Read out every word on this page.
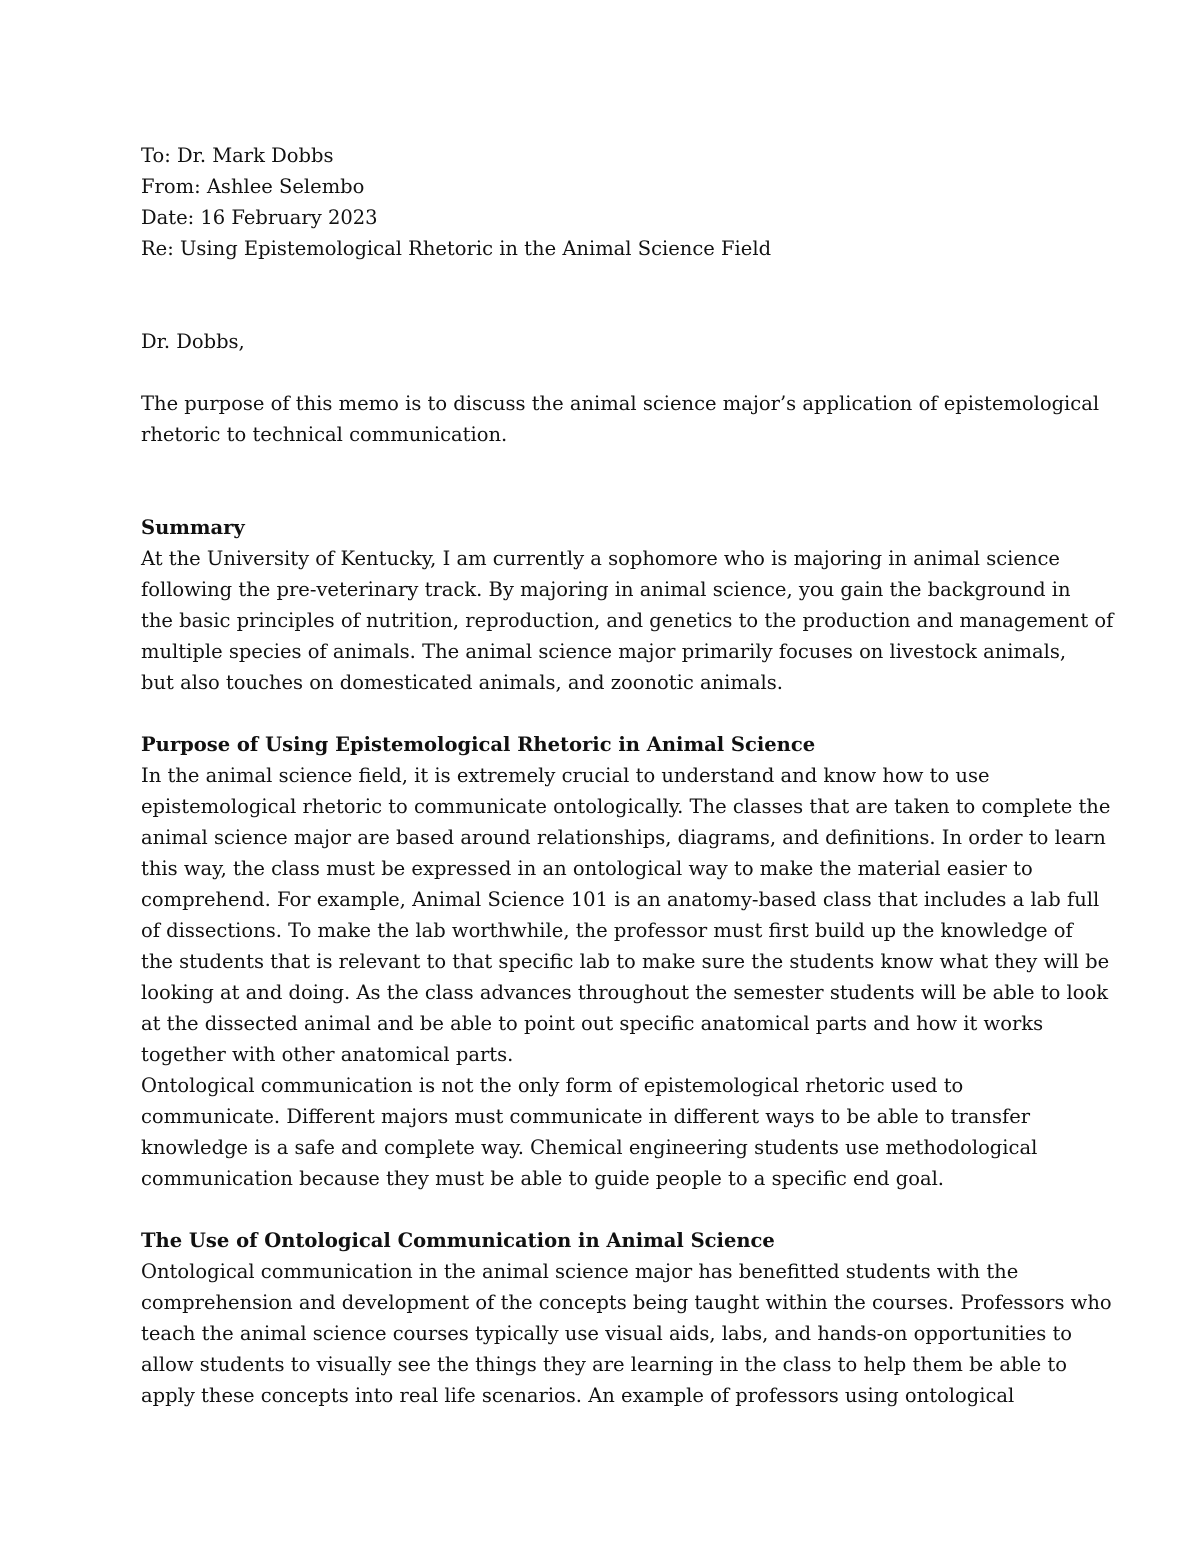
To: Dr. Mark Dobbs
From: Ashlee Selembo
Date: 16 February 2023
Re: Using Epistemological Rhetoric in the Animal Science Field

Dr. Dobbs,

The purpose of this memo is to discuss the animal science major’s application of epistemological
rhetoric to technical communication.

Summary

At the University of Kentucky, I am currently a sophomore who is majoring in animal science
following the pre-veterinary track. By majoring in animal science, you gain the background in
the basic principles of nutrition, reproduction, and genetics to the production and management of
multiple species of animals. The animal science major primarily focuses on livestock animals,
but also touches on domesticated animals, and zoonotic animals.

Purpose of Using Epistemological Rhetoric in Animal Science

In the animal science field, it is extremely crucial to understand and know how to use
epistemological rhetoric to communicate ontologically. The classes that are taken to complete the
animal science major are based around relationships, diagrams, and definitions. In order to learn
this way, the class must be expressed in an ontological way to make the material easier to
comprehend. For example, Animal Science 101 is an anatomy-based class that includes a lab full
of dissections. To make the lab worthwhile, the professor must first build up the knowledge of
the students that is relevant to that specific lab to make sure the students know what they will be
looking at and doing. As the class advances throughout the semester students will be able to look
at the dissected animal and be able to point out specific anatomical parts and how it works
together with other anatomical parts.

Ontological communication is not the only form of epistemological rhetoric used to
communicate. Different majors must communicate in different ways to be able to transfer
knowledge is a safe and complete way. Chemical engineering students use methodological
communication because they must be able to guide people to a specific end goal.

The Use of Ontological Communication in Animal Science

Ontological communication in the animal science major has benefitted students with the
comprehension and development of the concepts being taught within the courses. Professors who
teach the animal science courses typically use visual aids, labs, and hands-on opportunities to
allow students to visually see the things they are learning in the class to help them be able to
apply these concepts into real life scenarios. An example of professors using ontological
